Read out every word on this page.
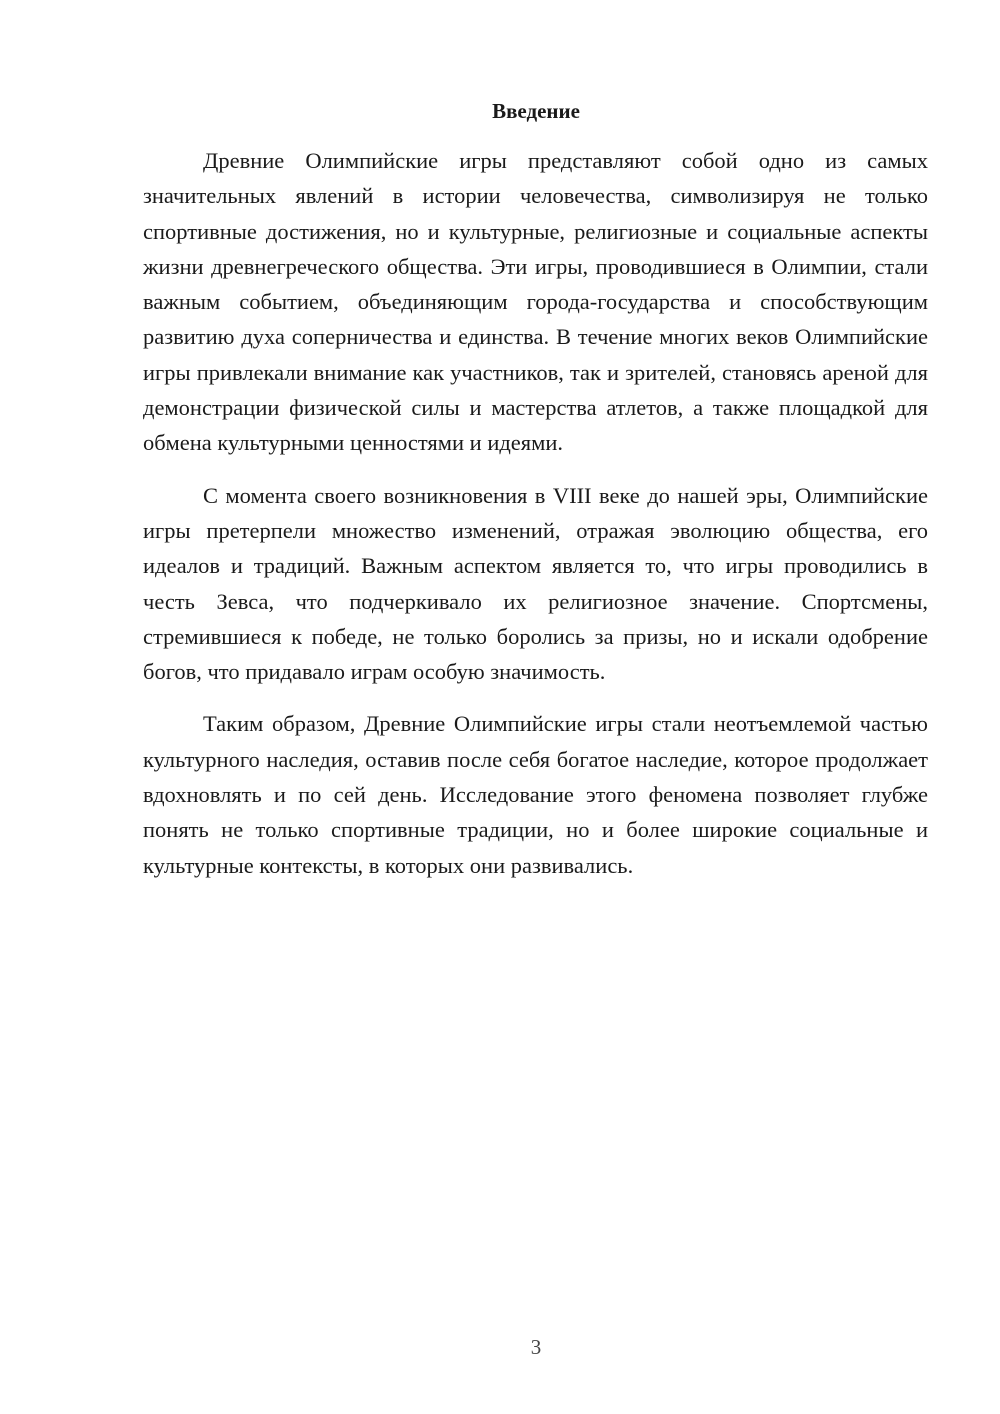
Введение

Древние Олимпийские игры представляют собой одно из самых значительных явлений в истории человечества, символизируя не только спортивные достижения, но и культурные, религиозные и социальные аспекты жизни древнегреческого общества. Эти игры, проводившиеся в Олимпии, стали важным событием, объединяющим города-государства и способствующим развитию духа соперничества и единства. В течение многих веков Олимпийские игры привлекали внимание как участников, так и зрителей, становясь ареной для демонстрации физической силы и мастерства атлетов, а также площадкой для обмена культурными ценностями и идеями.

С момента своего возникновения в VIII веке до нашей эры, Олимпийские игры претерпели множество изменений, отражая эволюцию общества, его идеалов и традиций. Важным аспектом является то, что игры проводились в честь Зевса, что подчеркивало их религиозное значение. Спортсмены, стремившиеся к победе, не только боролись за призы, но и искали одобрение богов, что придавало играм особую значимость.

Таким образом, Древние Олимпийские игры стали неотъемлемой частью культурного наследия, оставив после себя богатое наследие, которое продолжает вдохновлять и по сей день. Исследование этого феномена позволяет глубже понять не только спортивные традиции, но и более широкие социальные и культурные контексты, в которых они развивались.

3
